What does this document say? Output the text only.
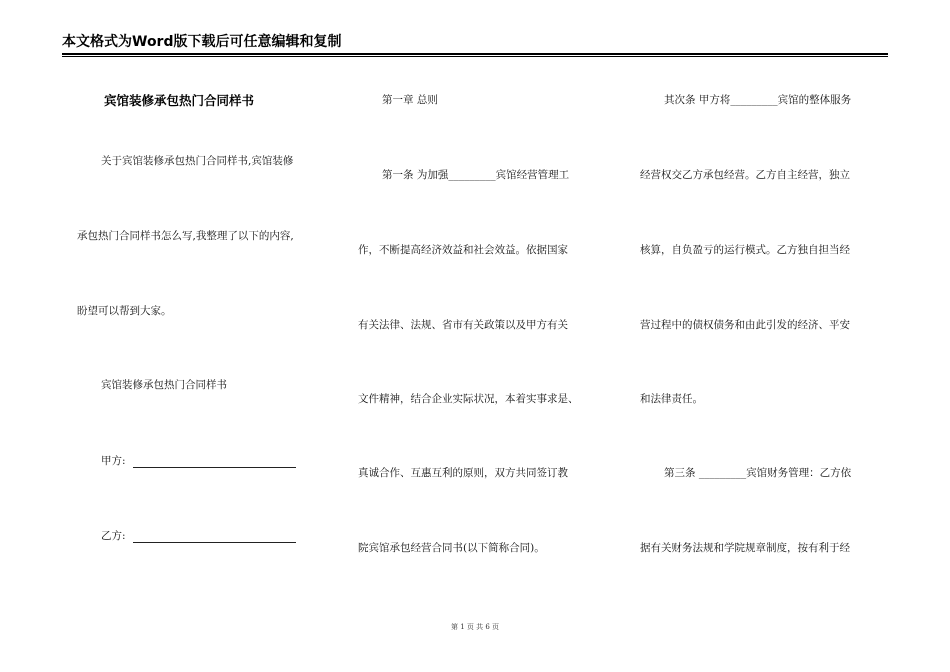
本文格式为Word版下载后可任意编辑和复制
宾馆装修承包热门合同样书
关于宾馆装修承包热门合同样书,宾馆装修
承包热门合同样书怎么写,我整理了以下的内容,
盼望可以帮到大家。
宾馆装修承包热门合同样书
甲方:
乙方:
第一章 总则
第一条 为加强_________宾馆经营管理工
作，不断提高经济效益和社会效益。依据国家
有关法律、法规、省市有关政策以及甲方有关
文件精神，结合企业实际状况，本着实事求是、
真诚合作、互惠互利的原则，双方共同签订教
院宾馆承包经营合同书(以下简称合同)。
其次条 甲方将_________宾馆的整体服务
经营权交乙方承包经营。乙方自主经营，独立
核算，自负盈亏的运行模式。乙方独自担当经
营过程中的债权债务和由此引发的经济、平安
和法律责任。
第三条 _________宾馆财务管理：乙方依
据有关财务法规和学院规章制度，按有利于经
第 1 页 共 6 页
